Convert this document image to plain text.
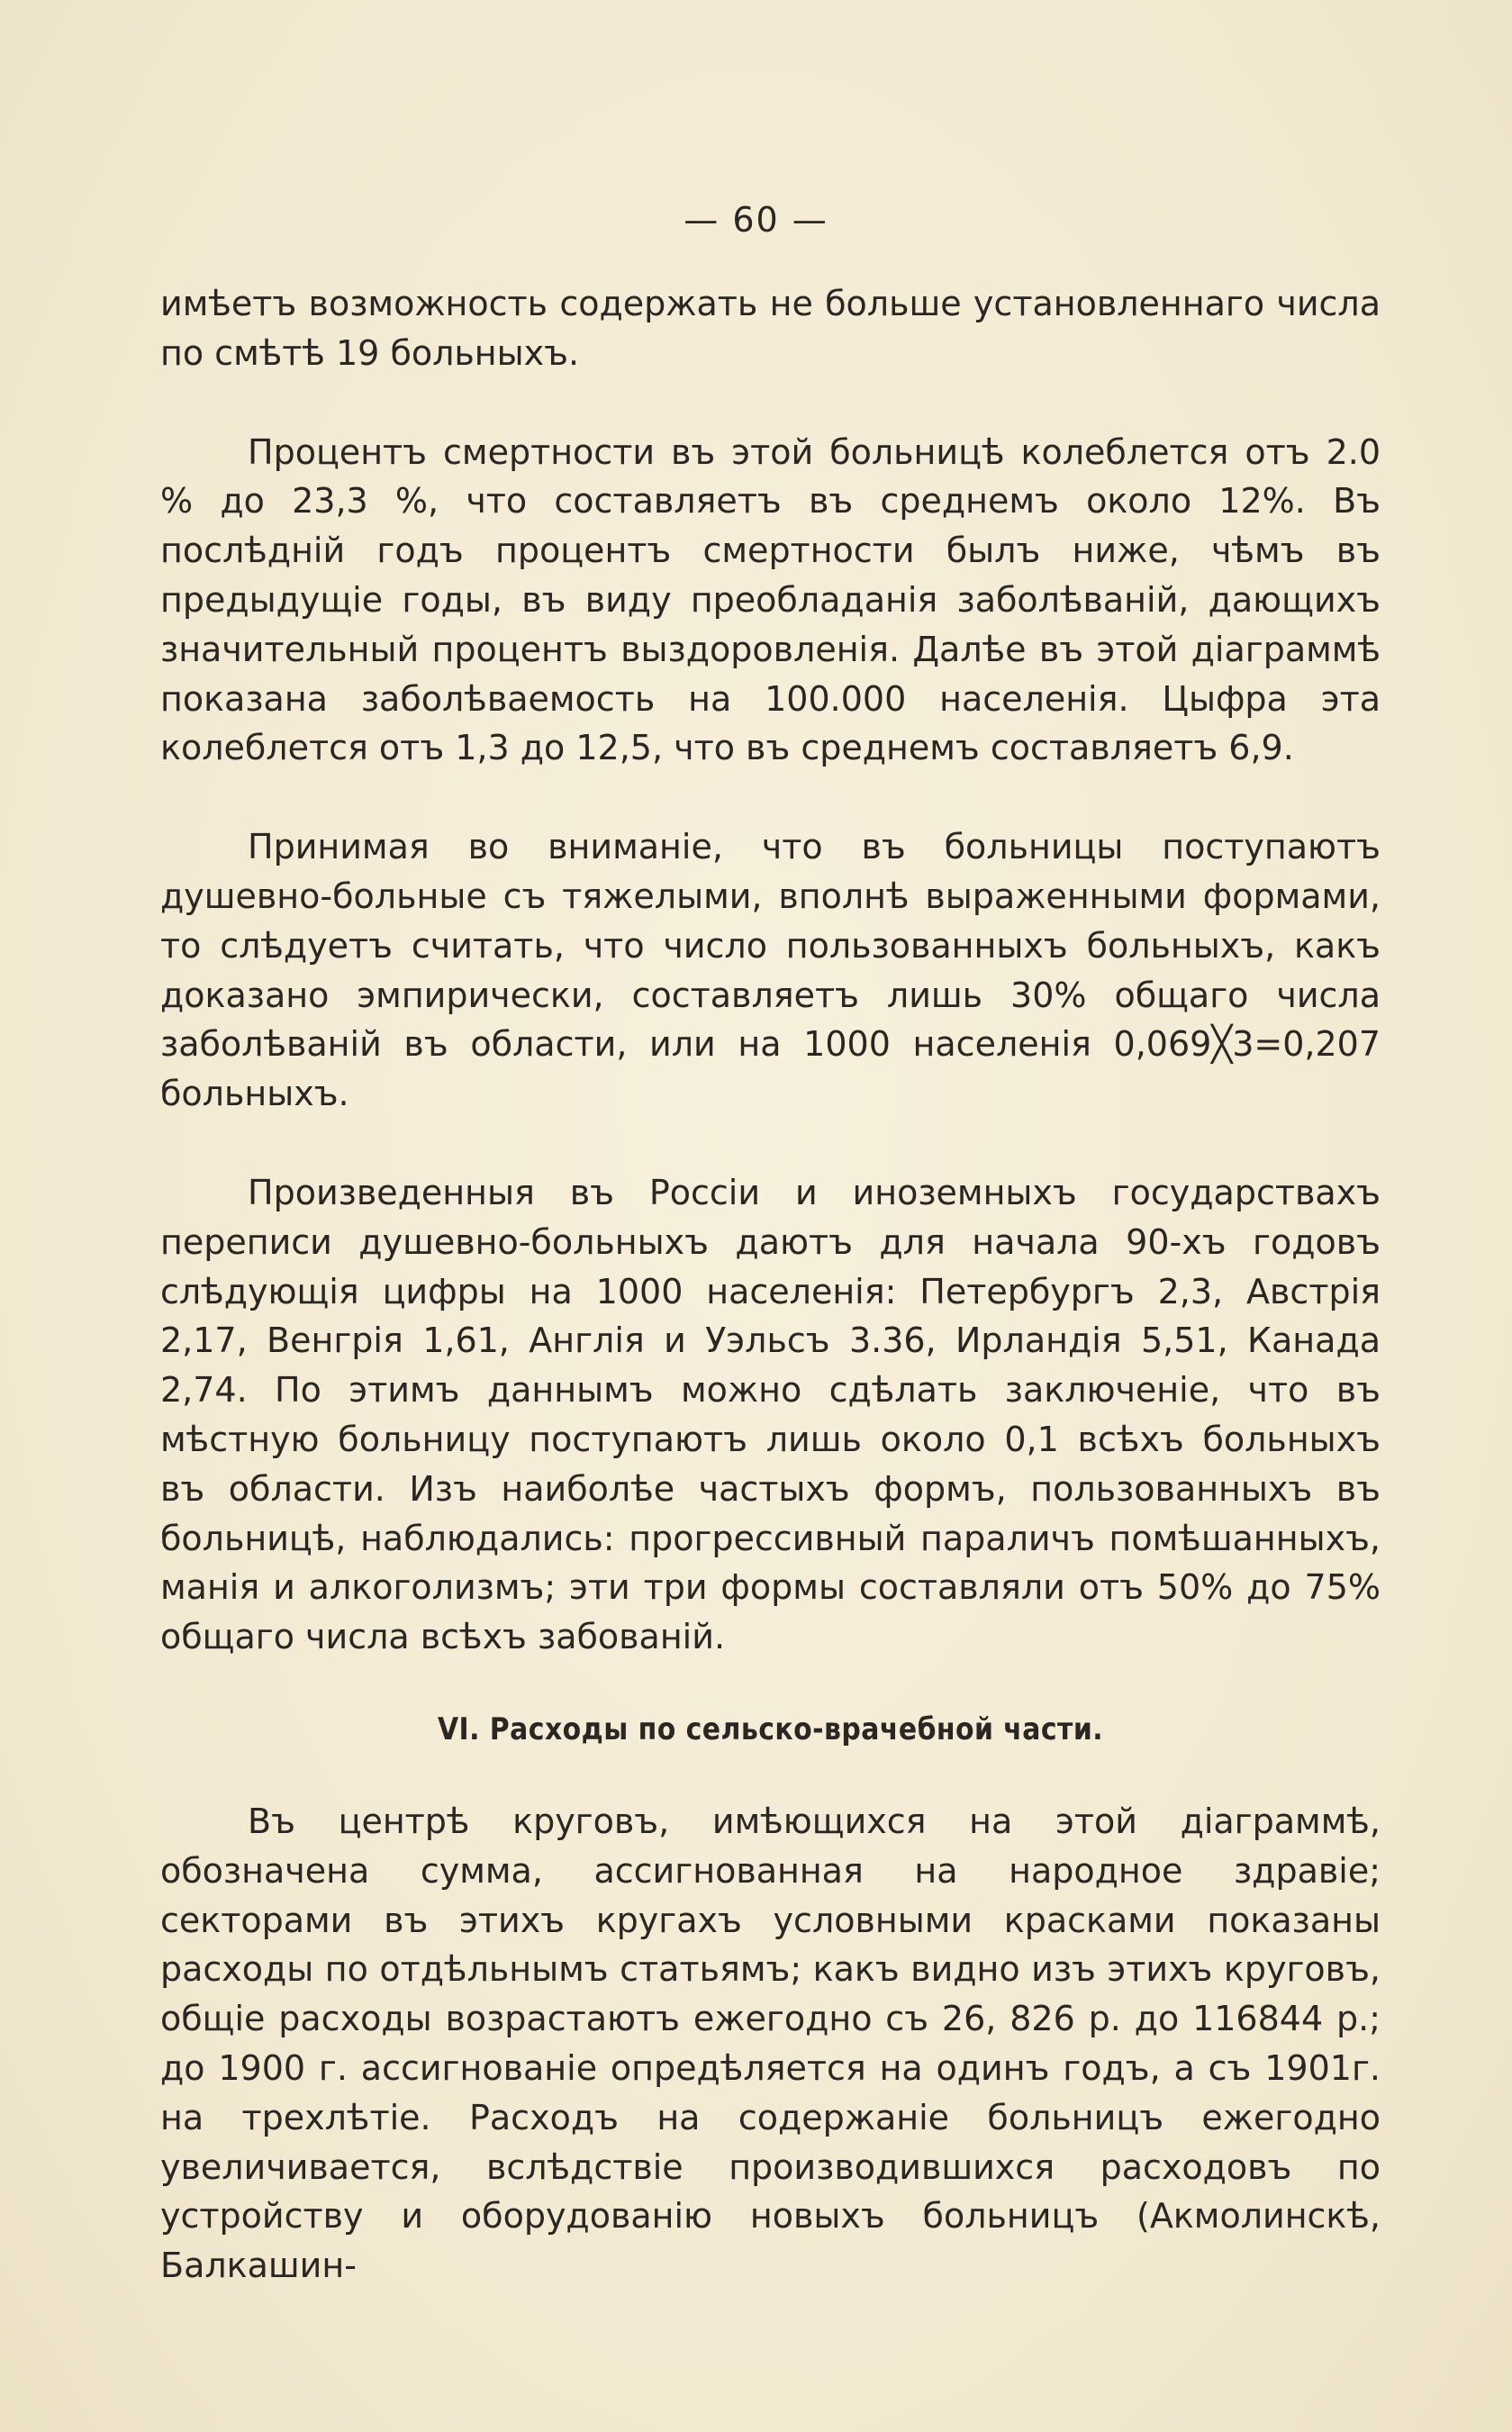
— 60 —

имѣетъ возможность содержать не больше установленнаго числа по смѣтѣ 19 больныхъ.

Процентъ смертности въ этой больницѣ колеблется отъ 2.0 % до 23,3 %, что составляетъ въ среднемъ около 12%. Въ послѣдній годъ процентъ смертности былъ ниже, чѣмъ въ предыдущіе годы, въ виду преобладанія заболѣваній, дающихъ значительный процентъ выздоровленія. Далѣе въ этой діаграммѣ показана заболѣваемость на 100.000 населенія. Цыфра эта колеблется отъ 1,3 до 12,5, что въ среднемъ составляетъ 6,9.

Принимая во вниманіе, что въ больницы поступаютъ душевно-больные съ тяжелыми, вполнѣ выраженными формами, то слѣдуетъ считать, что число пользованныхъ больныхъ, какъ доказано эмпирически, составляетъ лишь 30% общаго числа заболѣваній въ области, или на 1000 населенія 0,069╳3=0,207 больныхъ.

Произведенныя въ Россіи и иноземныхъ государствахъ переписи душевно-больныхъ даютъ для начала 90-хъ годовъ слѣдующія цифры на 1000 населенія: Петербургъ 2,3, Австрія 2,17, Венгрія 1,61, Англія и Уэльсъ 3.36, Ирландія 5,51, Канада 2,74. По этимъ даннымъ можно сдѣлать заключеніе, что въ мѣстную больницу поступаютъ лишь около 0,1 всѣхъ больныхъ въ области. Изъ наиболѣе частыхъ формъ, пользованныхъ въ больницѣ, наблюдались: прогрессивный параличъ помѣшанныхъ, манія и алкоголизмъ; эти три формы составляли отъ 50% до 75% общаго числа всѣхъ забованій.

VI. Расходы по сельско-врачебной части.

Въ центрѣ круговъ, имѣющихся на этой діаграммѣ, обозначена сумма, ассигнованная на народное здравіе; секторами въ этихъ кругахъ условными красками показаны расходы по отдѣльнымъ статьямъ; какъ видно изъ этихъ круговъ, общіе расходы возрастаютъ ежегодно съ 26, 826 р. до 116844 р.; до 1900 г. ассигнованіе опредѣляется на одинъ годъ, а съ 1901г. на трехлѣтіе. Расходъ на содержаніе больницъ ежегодно увеличивается, вслѣдствіе производившихся расходовъ по устройству и оборудованію новыхъ больницъ (Акмолинскѣ, Балкашин-
